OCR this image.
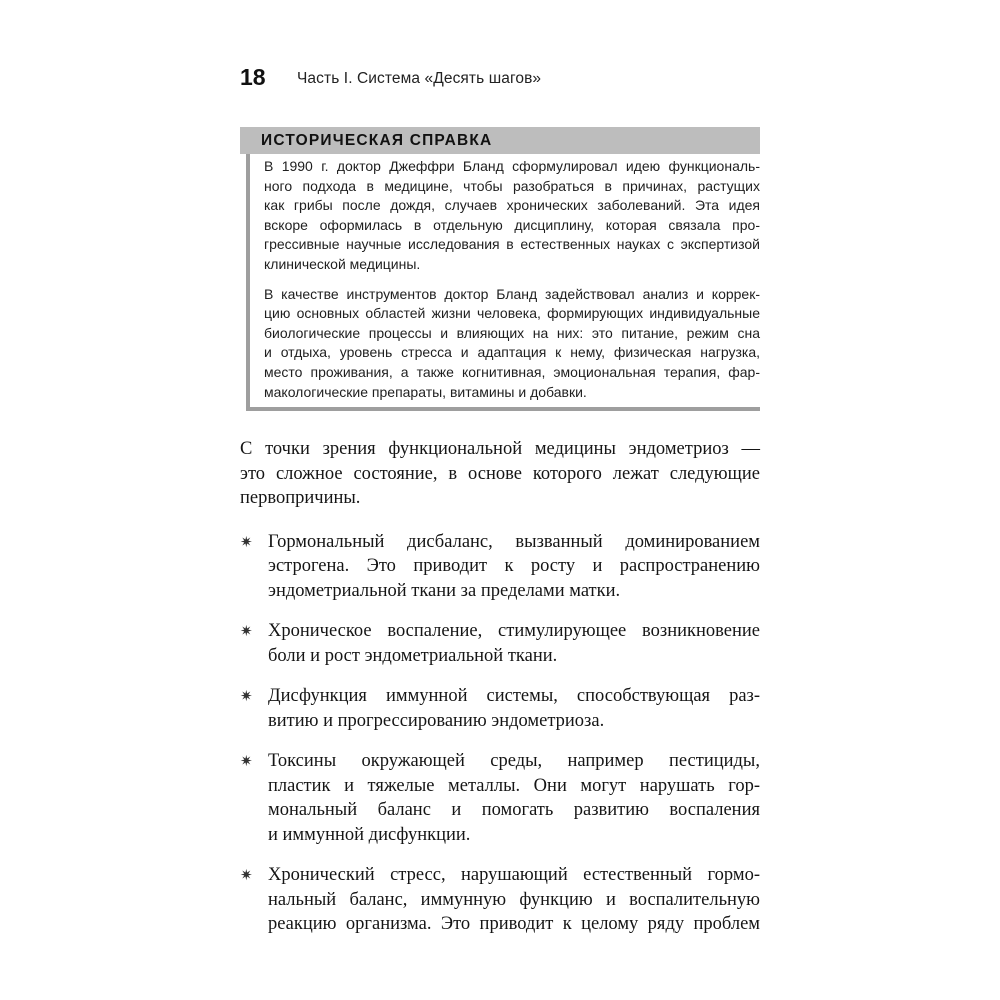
18 Часть I. Система «Десять шагов»
ИСТОРИЧЕСКАЯ СПРАВКА

В 1990 г. доктор Джеффри Бланд сформулировал идею функциональ-
ного подхода в медицине, чтобы разобраться в причинах, растущих
как грибы после дождя, случаев хронических заболеваний. Эта идея
вскоре оформилась в отдельную дисциплину, которая связала про-
грессивные научные исследования в естественных науках с экспертизой
клинической медицины.

В качестве инструментов доктор Бланд задействовал анализ и коррек-
цию основных областей жизни человека, формирующих индивидуальные
биологические процессы и влияющих на них: это питание, режим сна
и отдыха, уровень стресса и адаптация к нему, физическая нагрузка,
место проживания, а также когнитивная, эмоциональная терапия, фар-
макологические препараты, витамины и добавки.

С точки зрения функциональной медицины эндометриоз —
это сложное состояние, в основе которого лежат следующие
первопричины.

✷ Гормональный дисбаланс, вызванный доминированием
эстрогена. Это приводит к росту и распространению
эндометриальной ткани за пределами матки.
✷ Хроническое воспаление, стимулирующее возникновение
боли и рост эндометриальной ткани.
✷ Дисфункция иммунной системы, способствующая раз-
витию и прогрессированию эндометриоза.
✷ Токсины окружающей среды, например пестициды,
пластик и тяжелые металлы. Они могут нарушать гор-
мональный баланс и помогать развитию воспаления
и иммунной дисфункции.
✷ Хронический стресс, нарушающий естественный гормо-
нальный баланс, иммунную функцию и воспалительную
реакцию организма. Это приводит к целому ряду проблем
